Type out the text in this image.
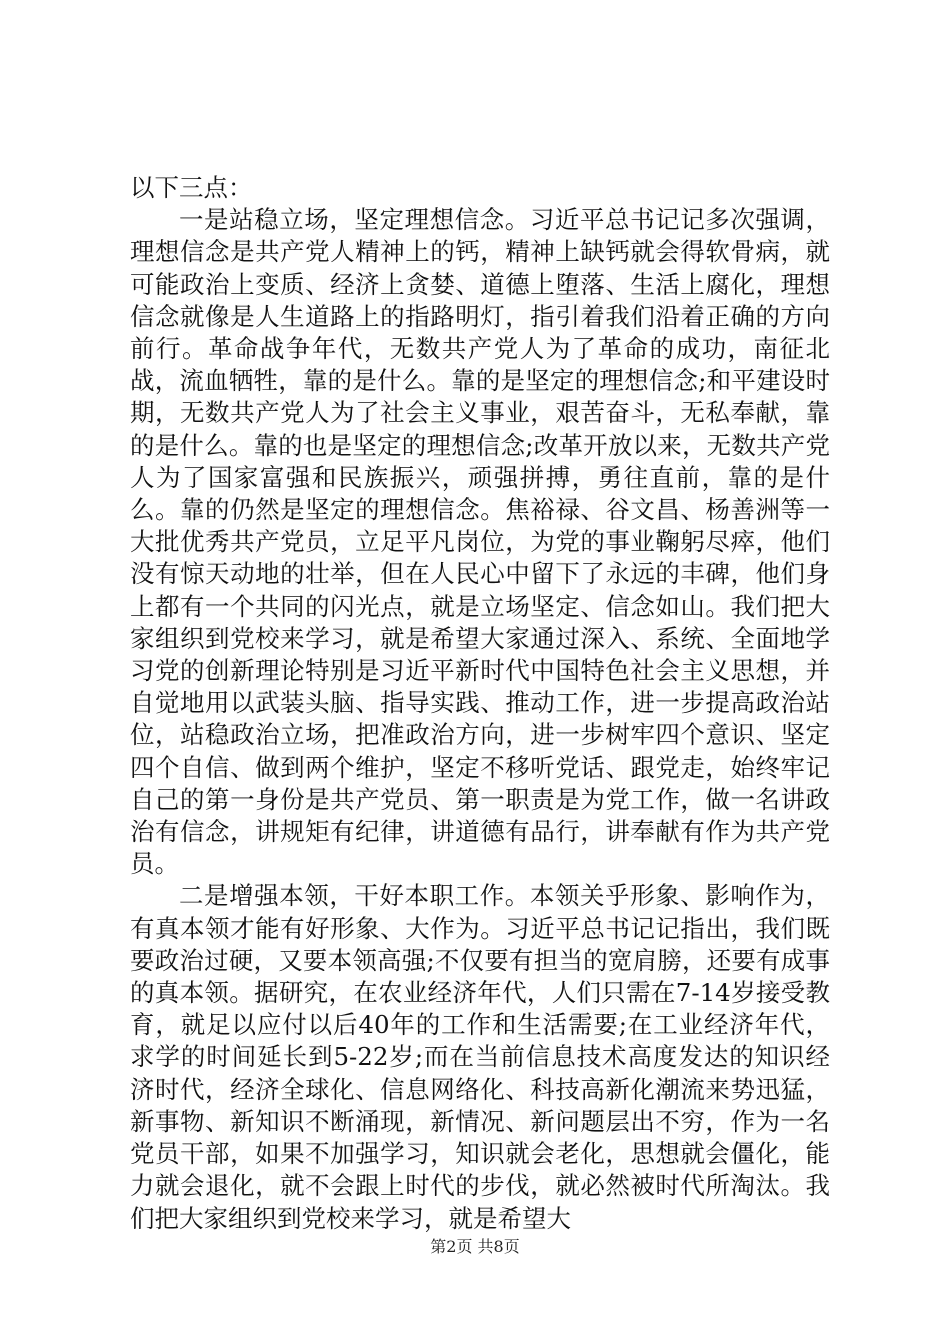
以下三点：

一是站稳立场，坚定理想信念。习近平总书记记多次强调，理想信念是共产党人精神上的钙，精神上缺钙就会得软骨病，就可能政治上变质、经济上贪婪、道德上堕落、生活上腐化，理想信念就像是人生道路上的指路明灯，指引着我们沿着正确的方向前行。革命战争年代，无数共产党人为了革命的成功，南征北战，流血牺牲，靠的是什么。靠的是坚定的理想信念;和平建设时期，无数共产党人为了社会主义事业，艰苦奋斗，无私奉献，靠的是什么。靠的也是坚定的理想信念;改革开放以来，无数共产党人为了国家富强和民族振兴，顽强拼搏，勇往直前，靠的是什么。靠的仍然是坚定的理想信念。焦裕禄、谷文昌、杨善洲等一大批优秀共产党员，立足平凡岗位，为党的事业鞠躬尽瘁，他们没有惊天动地的壮举，但在人民心中留下了永远的丰碑，他们身上都有一个共同的闪光点，就是立场坚定、信念如山。我们把大家组织到党校来学习，就是希望大家通过深入、系统、全面地学习党的创新理论特别是习近平新时代中国特色社会主义思想，并自觉地用以武装头脑、指导实践、推动工作，进一步提高政治站位，站稳政治立场，把准政治方向，进一步树牢四个意识、坚定四个自信、做到两个维护，坚定不移听党话、跟党走，始终牢记自己的第一身份是共产党员、第一职责是为党工作，做一名讲政治有信念，讲规矩有纪律，讲道德有品行，讲奉献有作为共产党员。

二是增强本领，干好本职工作。本领关乎形象、影响作为，有真本领才能有好形象、大作为。习近平总书记记指出，我们既要政治过硬，又要本领高强;不仅要有担当的宽肩膀，还要有成事的真本领。据研究，在农业经济年代，人们只需在7-14岁接受教育，就足以应付以后40年的工作和生活需要;在工业经济年代，求学的时间延长到5-22岁;而在当前信息技术高度发达的知识经济时代，经济全球化、信息网络化、科技高新化潮流来势迅猛，新事物、新知识不断涌现，新情况、新问题层出不穷，作为一名党员干部，如果不加强学习，知识就会老化，思想就会僵化，能力就会退化，就不会跟上时代的步伐，就必然被时代所淘汰。我们把大家组织到党校来学习，就是希望大

第2页 共8页
